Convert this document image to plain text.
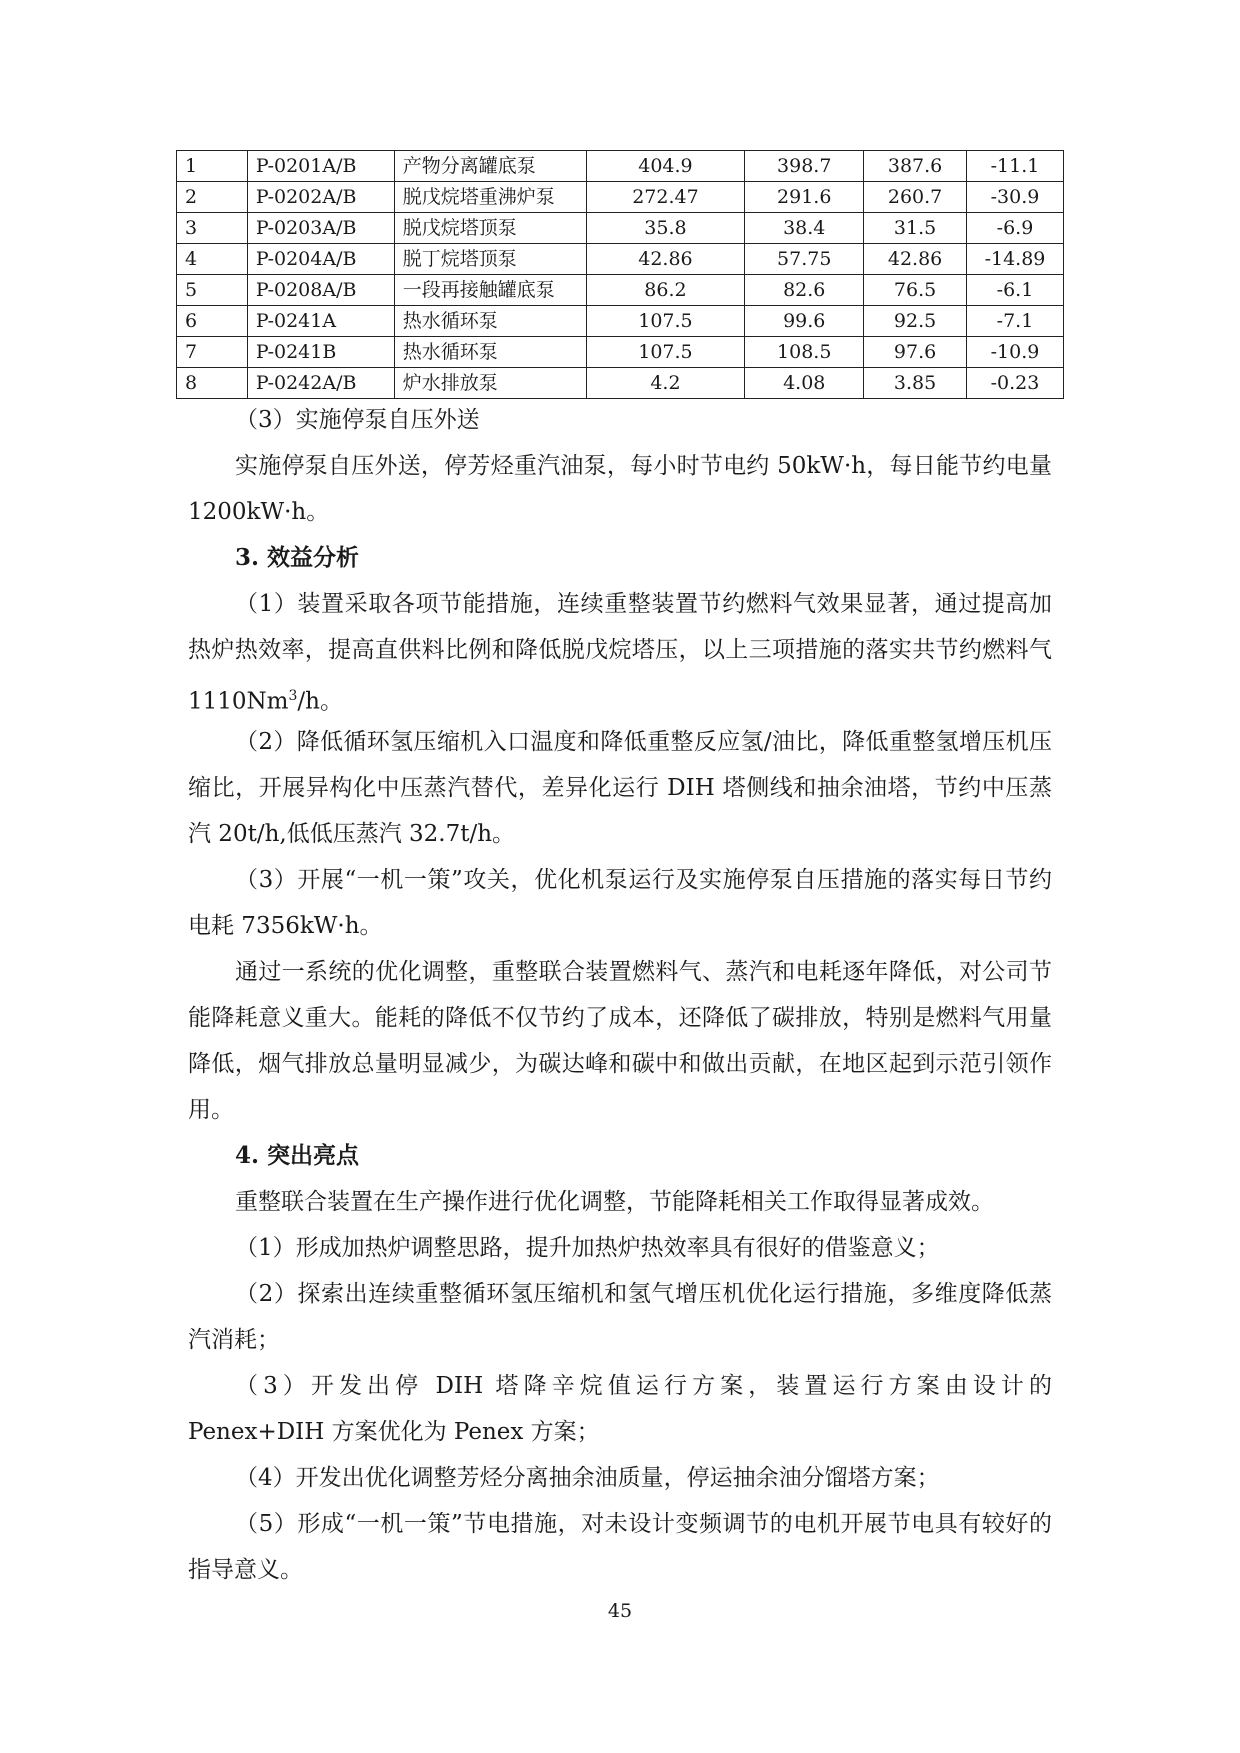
1	P-0201A/B	产物分离罐底泵	404.9	398.7	387.6	-11.1
2	P-0202A/B	脱戊烷塔重沸炉泵	272.47	291.6	260.7	-30.9
3	P-0203A/B	脱戊烷塔顶泵	35.8	38.4	31.5	-6.9
4	P-0204A/B	脱丁烷塔顶泵	42.86	57.75	42.86	-14.89
5	P-0208A/B	一段再接触罐底泵	86.2	82.6	76.5	-6.1
6	P-0241A	热水循环泵	107.5	99.6	92.5	-7.1
7	P-0241B	热水循环泵	107.5	108.5	97.6	-10.9
8	P-0242A/B	炉水排放泵	4.2	4.08	3.85	-0.23

（3）实施停泵自压外送

实施停泵自压外送，停芳烃重汽油泵，每小时节电约 50kW·h，每日能节约电量 1200kW·h。

3. 效益分析

（1）装置采取各项节能措施，连续重整装置节约燃料气效果显著，通过提高加热炉热效率，提高直供料比例和降低脱戊烷塔压，以上三项措施的落实共节约燃料气 1110Nm$^3$/h。

（2）降低循环氢压缩机入口温度和降低重整反应氢/油比，降低重整氢增压机压缩比，开展异构化中压蒸汽替代，差异化运行 DIH 塔侧线和抽余油塔，节约中压蒸汽 20t/h,低低压蒸汽 32.7t/h。

（3）开展“一机一策”攻关，优化机泵运行及实施停泵自压措施的落实每日节约电耗 7356kW·h。

通过一系统的优化调整，重整联合装置燃料气、蒸汽和电耗逐年降低，对公司节能降耗意义重大。能耗的降低不仅节约了成本，还降低了碳排放，特别是燃料气用量降低，烟气排放总量明显减少，为碳达峰和碳中和做出贡献，在地区起到示范引领作用。

4. 突出亮点

重整联合装置在生产操作进行优化调整，节能降耗相关工作取得显著成效。

（1）形成加热炉调整思路，提升加热炉热效率具有很好的借鉴意义；

（2）探索出连续重整循环氢压缩机和氢气增压机优化运行措施，多维度降低蒸汽消耗；

（3）开发出停 DIH 塔降辛烷值运行方案，装置运行方案由设计的 Penex+DIH 方案优化为 Penex 方案；

（4）开发出优化调整芳烃分离抽余油质量，停运抽余油分馏塔方案；

（5）形成“一机一策”节电措施，对未设计变频调节的电机开展节电具有较好的指导意义。

45
